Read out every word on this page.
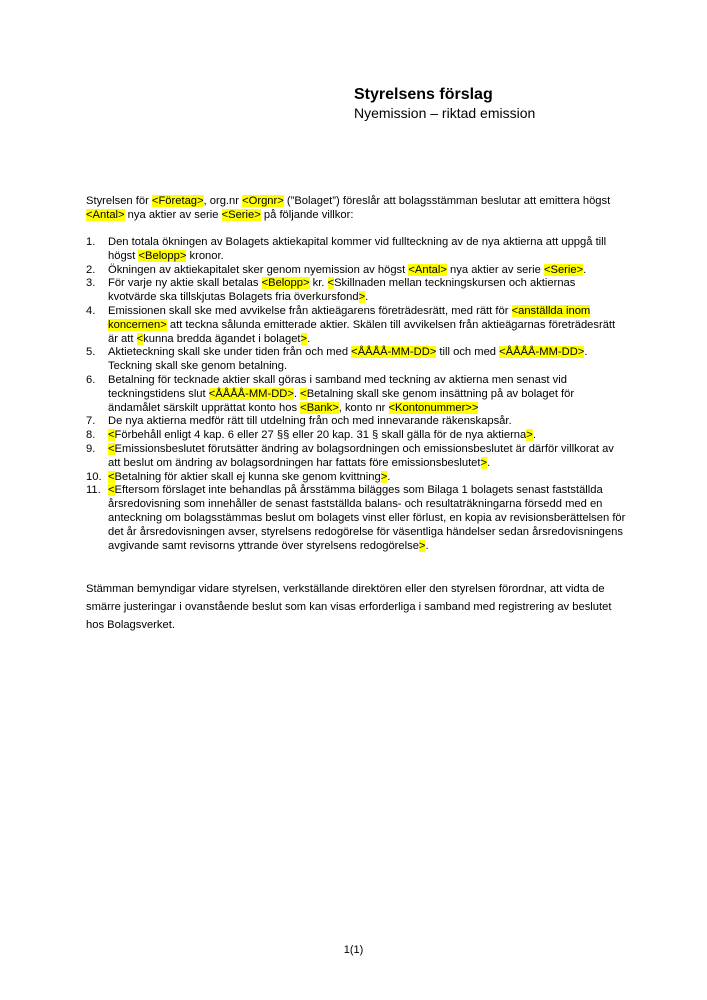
Styrelsens förslag
Nyemission – riktad emission
Styrelsen för <Företag>, org.nr <Orgnr> (”Bolaget”) föreslår att bolagsstämman beslutar att emittera högst <Antal> nya aktier av serie <Serie> på följande villkor:
1.	Den totala ökningen av Bolagets aktiekapital kommer vid fullteckning av de nya aktierna att uppgå till högst <Belopp> kronor.
2.	Ökningen av aktiekapitalet sker genom nyemission av högst <Antal> nya aktier av serie <Serie>.
3.	För varje ny aktie skall betalas <Belopp> kr. <Skillnaden mellan teckningskursen och aktiernas kvotvärde ska tillskjutas Bolagets fria överkursfond>.
4.	Emissionen skall ske med avvikelse från aktieägarens företrädesrätt, med rätt för <anställda inom koncernen> att teckna sålunda emitterade aktier. Skälen till avvikelsen från aktieägarnas företrädesrätt är att <kunna bredda ägandet i bolaget>.
5.	Aktieteckning skall ske under tiden från och med <ÅÅÅÅ-MM-DD> till och med <ÅÅÅÅ-MM-DD>. Teckning skall ske genom betalning.
6.	Betalning för tecknade aktier skall göras i samband med teckning av aktierna men senast vid teckningstidens slut <ÅÅÅÅ-MM-DD>. <Betalning skall ske genom insättning på av bolaget för ändamålet särskilt upprättat konto hos <Bank>, konto nr <Kontonummer>>
7.	De nya aktierna medför rätt till utdelning från och med innevarande räkenskapsår.
8.	<Förbehåll enligt 4 kap. 6 eller 27 §§ eller 20 kap. 31 § skall gälla för de nya aktierna>.
9.	<Emissionsbeslutet förutsätter ändring av bolagsordningen och emissionsbeslutet är därför villkorat av att beslut om ändring av bolagsordningen har fattats före emissionsbeslutet>.
10. <Betalning för aktier skall ej kunna ske genom kvittning>.
11. <Eftersom förslaget inte behandlas på årsstämma bilägges som Bilaga 1 bolagets senast fastställda årsredovisning som innehåller de senast fastställda balans- och resultaträkningarna försedd med en anteckning om bolagsstämmas beslut om bolagets vinst eller förlust, en kopia av revisionsberättelsen för det år årsredovisningen avser, styrelsens redogörelse för väsentliga händelser sedan årsredovisningens avgivande samt revisorns yttrande över styrelsens redogörelse>.
Stämman bemyndigar vidare styrelsen, verkställande direktören eller den styrelsen förordnar, att vidta de smärre justeringar i ovanstående beslut som kan visas erforderliga i samband med registrering av beslutet hos Bolagsverket.
1(1)
